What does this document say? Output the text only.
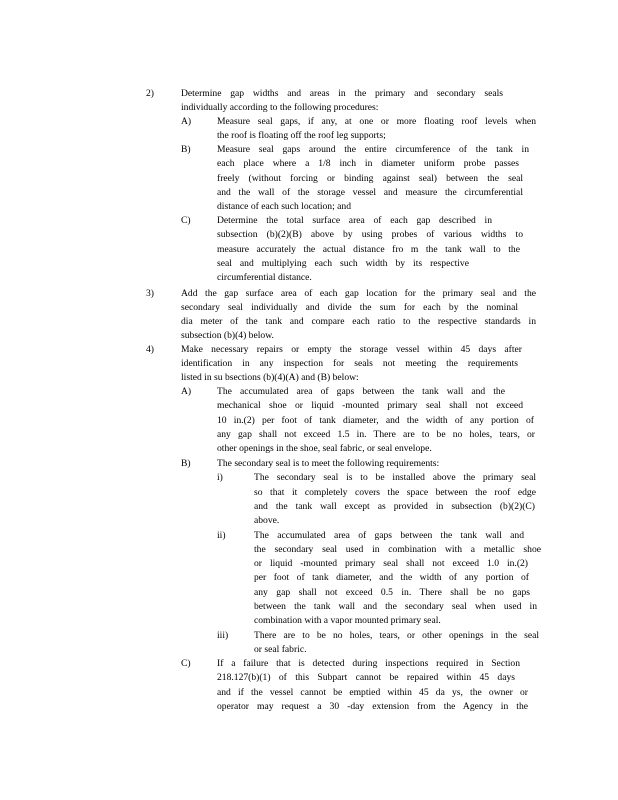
2)	Determine gap widths and areas in the primary and secondary seals
individually according to the following procedures:
A)	Measure seal gaps, if any, at one or more floating roof levels when
the roof is floating off the roof leg supports;
B)	Measure seal gaps around the entire circumference of the tank in
each place where a 1/8 inch in diameter uniform probe passes
freely (without forcing or binding against seal) between the seal
and the wall of the storage vessel and measure the circumferential
distance of each such location; and
C)	Determine the total surface area of each gap described in
subsection (b)(2)(B) above by using probes of various widths to
measure accurately the actual distance fro m the tank wall to the
seal and multiplying each such width by its respective
circumferential distance.
3)	Add the gap surface area of each gap location for the primary seal and the
secondary seal individually and divide the sum for each by the nominal
dia meter of the tank and compare each ratio to the respective standards in
subsection (b)(4) below.
4)	Make necessary repairs or empty the storage vessel within 45 days after
identification in any inspection for seals not meeting the requirements
listed in su bsections (b)(4)(A) and (B) below:
A)	The accumulated area of gaps between the tank wall and the
mechanical shoe or liquid -mounted primary seal shall not exceed
10 in.(2) per foot of tank diameter, and the width of any portion of
any gap shall not exceed 1.5 in. There are to be no holes, tears, or
other openings in the shoe, seal fabric, or seal envelope.
B)	The secondary seal is to meet the following requirements:
i)	The secondary seal is to be installed above the primary seal
so that it completely covers the space between the roof edge
and the tank wall except as provided in subsection (b)(2)(C)
above.
ii)	The accumulated area of gaps between the tank wall and
the secondary seal used in combination with a metallic shoe
or liquid -mounted primary seal shall not exceed 1.0 in.(2)
per foot of tank diameter, and the width of any portion of
any gap shall not exceed 0.5 in. There shall be no gaps
between the tank wall and the secondary seal when used in
combination with a vapor mounted primary seal.
iii)	There are to be no holes, tears, or other openings in the seal
or seal fabric.
C)	If a failure that is detected during inspections required in Section
218.127(b)(1) of this Subpart cannot be repaired within 45 days
and if the vessel cannot be emptied within 45 da ys, the owner or
operator may request a 30 -day extension from the Agency in the
